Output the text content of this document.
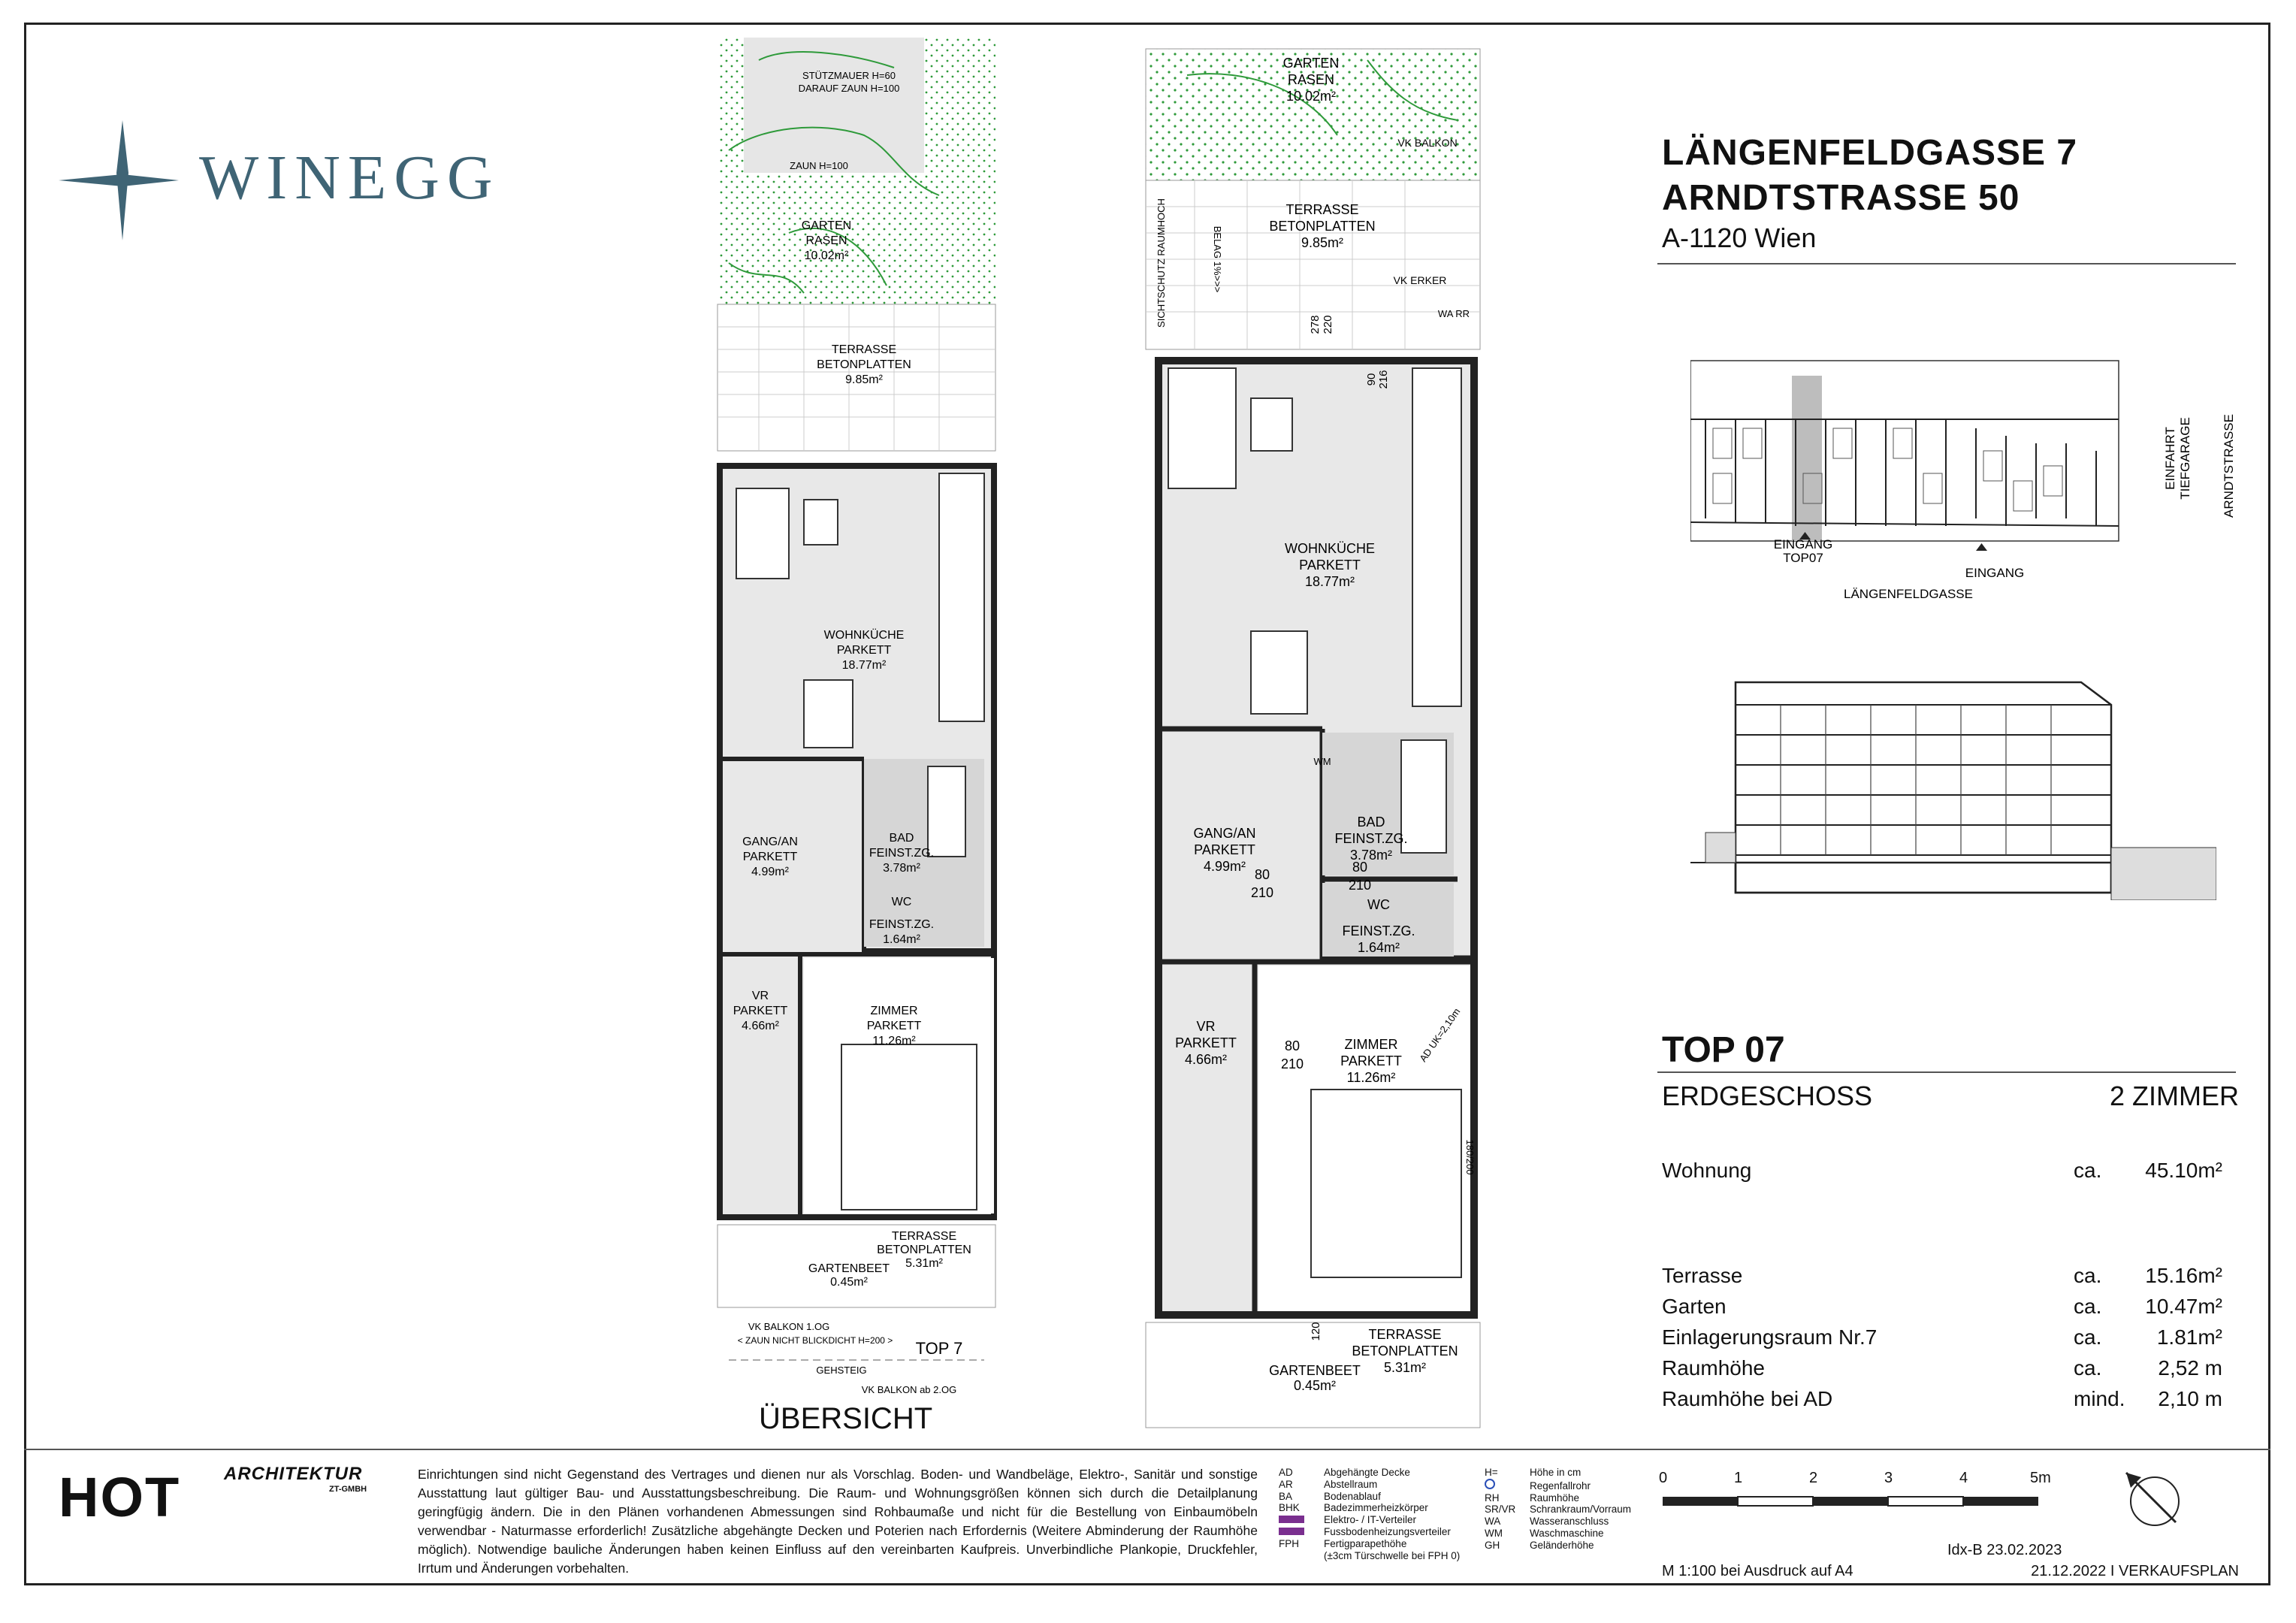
WINEGG	LÄNGENFELDGASSE 7
ARNDTSTRASSE 50
A-1120 Wien
EINGANG
TOP07
EINGANG
LÄNGENFELDGASSE
EINFAHRT TIEFGARAGE ARNDTSTRASSE
TOP 07
ERDGESCHOSS	2 ZIMMER
Wohnung	ca. 45.10m²
Terrasse	ca. 15.16m²
Garten	ca. 10.47m²
Einlagerungsraum Nr.7	ca.	1.81m²
Raumhöhe	ca.	2,52 m
Raumhöhe bei AD	mind. 2,10 m
TERRASSE
BETONPLATTEN
9.85m²
GARTEN
RASEN
10.02m²
WOHNKÜCHE
PARKETT
18.77m²
GANG/AN
PARKETT
4.99m²
BAD
FEINST.ZG.
3.78m²
WC
FEINST.ZG.
1.64m²
VR
PARKETT
4.66m²
ZIMMER
PARKETT
11.26m²
TERRASSE
BETONPLATTEN
5.31m²
GARTENBEET
0.45m²
STÜTZMAUER H=60
DARAUF ZAUN H=100
ZAUN H=100
VK BALKON 1.OG
< ZAUN NICHT BLICKDICHT H=200 > TOP 7
GEHSTEIG
VK BALKON ab 2.OG
ÜBERSICHT
GARTEN
RASEN
10.02m²
TERRASSE
BETONPLATTEN
9.85m²
WOHNKÜCHE
PARKETT
18.77m²
GANG/AN
PARKETT
4.99m²
BAD
FEINST.ZG.
3.78m²
WC
FEINST.ZG.
1.64m²
VR
PARKETT
4.66m²
ZIMMER
PARKETT
11.26m²
TERRASSE
BETONPLATTEN
5.31m²
GARTENBEET
0.45m²
VK BALKON
VK ERKER
WA RR
SICHTSCHUTZ RAUMHOCH	BELAG 1%>>>
WM
AD UK=2,10m
180/200
80
210
80
210
80
210
278 220
90 216
120
HOT ARCHITEKTUR
ZT-GMBH
Einrichtungen sind nicht Gegenstand des Vertrages und dienen nur als Vorschlag. Boden- und Wandbeläge, Elektro-, Sanitär und sonstige Ausstattung laut gültiger Bau- und Ausstattungsbeschreibung. Die Raum- und Wohnungsgrößen können sich durch die Detailplanung geringfügig ändern. Die in den Plänen vorhandenen Abmessungen sind Rohbaumaße und nicht für die Bestellung von Einbaumöbeln verwendbar - Naturmasse erforderlich! Zusätzliche abgehängte Decken und Poterien nach Erfordernis (Weitere Abminderung der Raumhöhe möglich). Notwendige bauliche Änderungen haben keinen Einfluss auf den vereinbarten Kaufpreis. Unverbindliche Plankopie, Druckfehler, Irrtum und Änderungen vorbehalten.
AD	Abgehängte Decke
AR	Abstellraum
BA	Bodenablauf
BHK Badezimmerheizkörper
Elektro- / IT-Verteiler
Fussbodenheizungsverteiler
FPH Fertigparapethöhe
(±3cm Türschwelle bei FPH 0)
H=	Höhe in cm
Regenfallrohr
RH	Raumhöhe
SR/VR Schrankraum/Vorraum
WA	Wasseranschluss
WM	Waschmaschine
GH	Geländerhöhe
0	1	2	3	4	5m
Idx-B 23.02.2023
M 1:100 bei Ausdruck auf A4	21.12.2022 I VERKAUFSPLAN
